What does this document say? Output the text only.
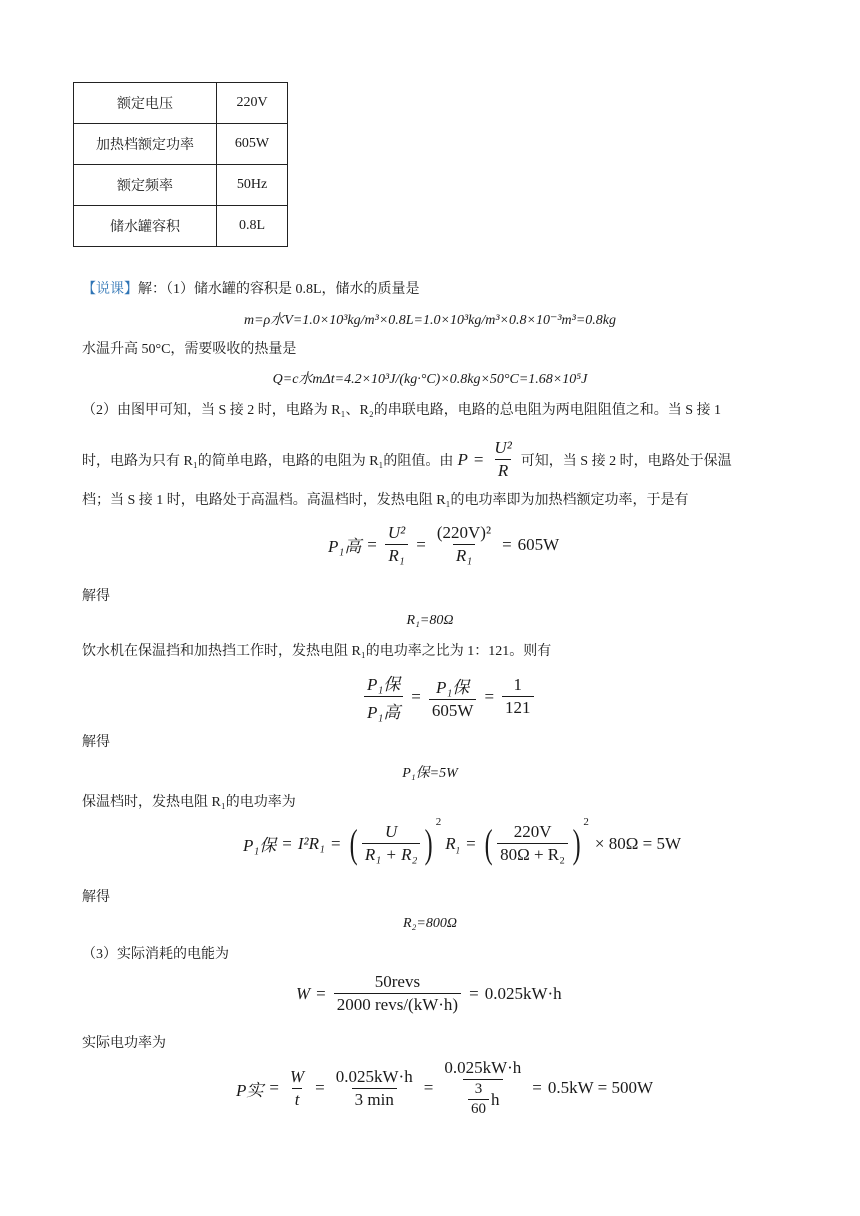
额定电压	220V
加热档额定功率	605W
额定频率	50Hz
储水罐容积	0.8L
【说课】解：（1）储水罐的容积是 0.8L，储水的质量是
m=ρ水V=1.0×10³kg/m³×0.8L=1.0×10³kg/m³×0.8×10⁻³m³=0.8kg
水温升高 50°C，需要吸收的热量是
Q=c水mΔt=4.2×10³J/(kg·°C)×0.8kg×50°C=1.68×10⁵J
（2）由图甲可知，当 S 接 2 时，电路为 R₁、R₂的串联电路，电路的总电阻为两电阻阻值之和。当 S 接 1
时，电路为只有 R₁的简单电路，电路的电阻为 R₁的阻值。由 $P = \frac{\text{U²}}{R}$ 可知，当 S 接 2 时，电路处于保温
档；当 S 接 1 时，电路处于高温档。高温档时，发热电阻 R₁的电功率即为加热档额定功率，于是有
P₁高 = $\frac{\text{U²}}{\text{R₁}} = \frac{\text{(220V)²}}{\text{R₁}} = 605W$
解得
R₁=80Ω
饮水机在保温挡和加热挡工作时，发热电阻 R₁的电功率之比为 1：121。则有
$\frac{\text{P₁保}}{\text{P₁高}} = \frac{\text{P₁保}}{605W} = \frac{1}{121}$
解得
P₁保=5W
保温档时，发热电阻 R₁的电功率为
P₁保 = I²R₁ = ( $\frac{U}{\text{R₁ + R₂}}$ ) 2
$R_1$ = ( $\frac{220V}{\text{80Ω + R₂}}$ ) 2
× 80Ω = 5W
解得
R₂=800Ω
（3）实际消耗的电能为
$W = \frac{\text{50revs}}{\text{2000 revs/(kW·h)}} = 0.025kW\cdot h$
实际电功率为
P实 = $\frac{W}{t} = \frac{0.025kW\cdot h}{3 \min} = \frac{0.025kW\cdot h}{\frac{3}{60} h} = 0.5kW = 500W$
